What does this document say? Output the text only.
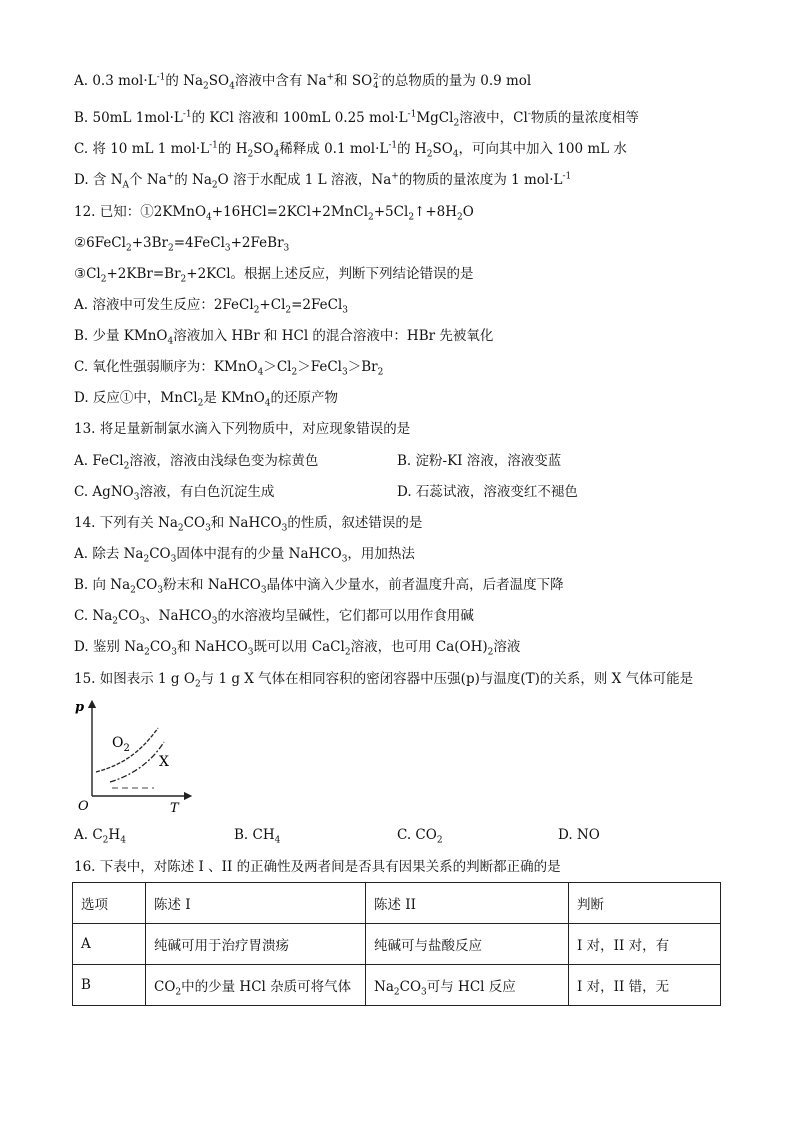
A. 0.3 $mol\cdot L^{-1}$的 $Na_2SO_4$溶液中含有 Na+和 SO 2-
4 的总物质的量为 0.9 mol
B. 50mL $1mol\cdot L^{-1}$的 KCl 溶液和 100mL 0.25 $mol\cdot L^{-1}MgCl_2$溶液中，Cl-物质的量浓度相等
C. 将 10 mL 1 $mol\cdot L^{-1}$的 $H_2SO_4$稀释成 0.1 $mol\cdot L^{-1}$的 $H_2SO_4$，可向其中加入 100 mL 水
D. 含 $N_A$个 Na+的 $Na_2O$ 溶于水配成 1 L 溶液，Na+的物质的量浓度为 1 $mol\cdot L^{-1}$
12. 已知：$①2KMnO_4+16HCl=2KCl+2MnCl_2+5Cl_2↑+8H_2O$
$②6FeCl_2+3Br_2=4FeCl_3+2FeBr_3$
$③Cl_2+2KBr=Br_2+2KCl$。根据上述反应，判断下列结论错误的是
A. 溶液中可发生反应：$2FeCl_2+Cl_2=2FeCl_3$
B. 少量 KMnO$_4$溶液加入 HBr 和 HCl 的混合溶液中：HBr 先被氧化
C. 氧化性强弱顺序为：$KMnO_4>Cl_2>FeCl_3>Br_2$
D. 反应①中，MnCl$_2$是 KMnO$_4$的还原产物
13. 将足量新制氯水滴入下列物质中，对应现象错误的是
A. FeCl$_2$溶液，溶液由浅绿色变为棕黄色	B. 淀粉-KI 溶液，溶液变蓝
C. AgNO$_3$溶液，有白色沉淀生成	D. 石蕊试液，溶液变红不褪色
14. 下列有关 $Na_2CO_3$和 NaHCO$_3$的性质，叙述错误的是
A. 除去 $Na_2CO_3$固体中混有的少量 NaHCO$_3$，用加热法
B. 向 $Na_2CO_3$粉末和 NaHCO$_3$晶体中滴入少量水，前者温度升高，后者温度下降
C. $Na_2CO_3$、NaHCO$_3$的水溶液均呈碱性，它们都可以用作食用碱
D. 鉴别 $Na_2CO_3$和 NaHCO$_3$既可以用 CaCl$_2$溶液，也可用 $Ca(OH)_2$溶液
15. 如图表示 1 g $O_2$与 1 g X 气体在相同容积的密闭容器中压强(p)与温度(T)的关系，则 X 气体可能是
p
T
O
$O_2$
X
A. $C_2H_4$	B. $CH_4$	C. $CO_2$	D. NO
16. 下表中，对陈述 I 、II 的正确性及两者间是否具有因果关系的判断都正确的是
选项	陈述 I	陈述 II	判断
A	纯碱可用于治疗胃溃疡	纯碱可与盐酸反应	I 对，II 对，有
B	$CO_2$中的少量 HCl 杂质可将气体	$Na_2CO_3$可与 HCl 反应	I 对，II 错，无
